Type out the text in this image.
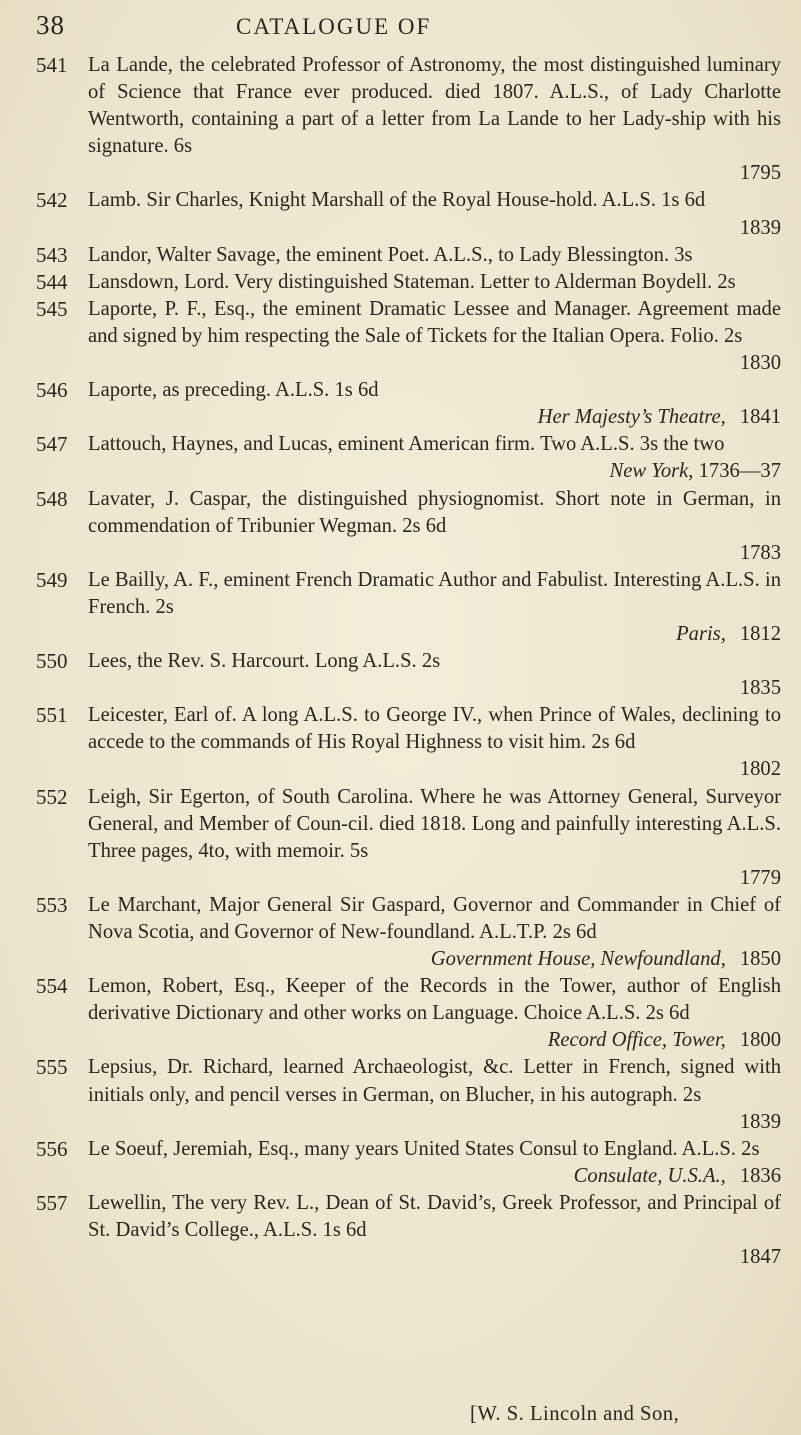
38	CATALOGUE OF
541 La Lande, the celebrated Professor of Astronomy, the most distinguished luminary of Science that France ever produced. died 1807. A.L.S., of Lady Charlotte Wentworth, containing a part of a letter from La Lande to her Lady-ship with his signature. 6s
1795
542 Lamb. Sir Charles, Knight Marshall of the Royal House-hold. A.L.S. 1s 6d
1839
543 Landor, Walter Savage, the eminent Poet. A.L.S., to Lady Blessington. 3s
544 Lansdown, Lord. Very distinguished Stateman. Letter to Alderman Boydell. 2s
545 Laporte, P. F., Esq., the eminent Dramatic Lessee and Manager. Agreement made and signed by him respecting the Sale of Tickets for the Italian Opera. Folio. 2s
1830
546 Laporte, as preceding. A.L.S. 1s 6d
Her Majesty’s Theatre, 1841
547 Lattouch, Haynes, and Lucas, eminent American firm. Two A.L.S. 3s the two
New York, 1736—37
548 Lavater, J. Caspar, the distinguished physiognomist. Short note in German, in commendation of Tribunier Wegman. 2s 6d
1783
549 Le Bailly, A. F., eminent French Dramatic Author and Fabulist. Interesting A.L.S. in French. 2s
Paris, 1812
550 Lees, the Rev. S. Harcourt. Long A.L.S. 2s
1835
551 Leicester, Earl of. A long A.L.S. to George IV., when Prince of Wales, declining to accede to the commands of His Royal Highness to visit him. 2s 6d
1802
552 Leigh, Sir Egerton, of South Carolina. Where he was Attorney General, Surveyor General, and Member of Coun-cil. died 1818. Long and painfully interesting A.L.S. Three pages, 4to, with memoir. 5s
1779
553 Le Marchant, Major General Sir Gaspard, Governor and Commander in Chief of Nova Scotia, and Governor of New-foundland. A.L.T.P. 2s 6d
Government House, Newfoundland, 1850
554 Lemon, Robert, Esq., Keeper of the Records in the Tower, author of English derivative Dictionary and other works on Language. Choice A.L.S. 2s 6d
Record Office, Tower, 1800
555 Lepsius, Dr. Richard, learned Archaeologist, &c. Letter in French, signed with initials only, and pencil verses in German, on Blucher, in his autograph. 2s
1839
556 Le Soeuf, Jeremiah, Esq., many years United States Consul to England. A.L.S. 2s
Consulate, U.S.A., 1836
557 Lewellin, The very Rev. L., Dean of St. David’s, Greek Professor, and Principal of St. David’s College., A.L.S. 1s 6d
1847
[W. S. Lincoln and Son,
